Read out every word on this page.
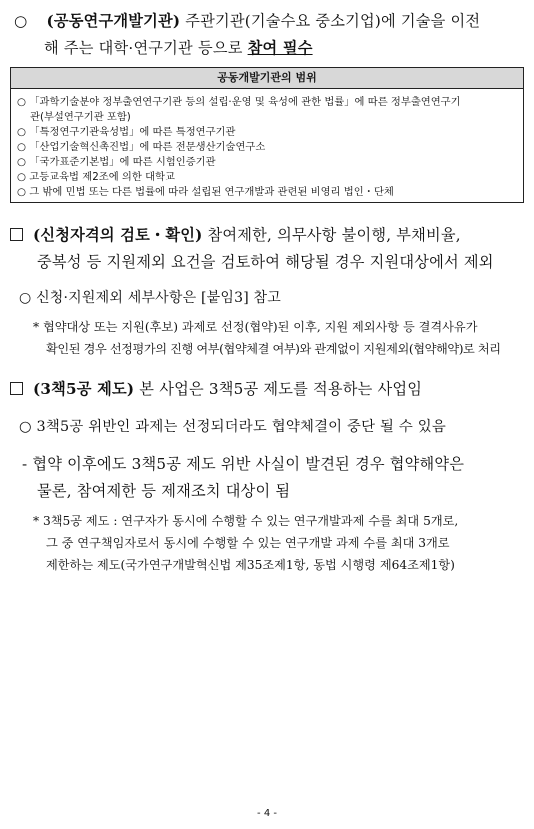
○ (공동연구개발기관) 주관기관(기술수요 중소기업)에 기술을 이전
해 주는 대학·연구기관 등으로 참여 필수
공동개발기관의 범위
○ 「과학기술분야 정부출연연구기관 등의 설립·운영 및 육성에 관한 법률」에 따른 정부출연연구기
관(부설연구기관 포함)
○ 「특정연구기관육성법」에 따른 특정연구기관
○ 「산업기술혁신촉진법」에 따른 전문생산기술연구소
○ 「국가표준기본법」에 따른 시험인증기관
○ 고등교육법 제2조에 의한 대학교
○ 그 밖에 민법 또는 다른 법률에 따라 설립된 연구개발과 관련된 비영리 법인・단체
(신청자격의 검토・확인) 참여제한, 의무사항 불이행, 부채비율,
중복성 등 지원제외 요건을 검토하여 해당될 경우 지원대상에서 제외
○ 신청·지원제외 세부사항은 [붙임3] 참고
* 협약대상 또는 지원(후보) 과제로 선정(협약)된 이후, 지원 제외사항 등 결격사유가
확인된 경우 선정평가의 진행 여부(협약체결 여부)와 관계없이 지원제외(협약해약)로 처리
(3책5공 제도) 본 사업은 3책5공 제도를 적용하는 사업임
○ 3책5공 위반인 과제는 선정되더라도 협약체결이 중단 될 수 있음
- 협약 이후에도 3책5공 제도 위반 사실이 발견된 경우 협약해약은
물론, 참여제한 등 제재조치 대상이 됨
* 3책5공 제도 : 연구자가 동시에 수행할 수 있는 연구개발과제 수를 최대 5개로,
그 중 연구책임자로서 동시에 수행할 수 있는 연구개발 과제 수를 최대 3개로
제한하는 제도(국가연구개발혁신법 제35조제1항, 동법 시행령 제64조제1항)
- 4 -
